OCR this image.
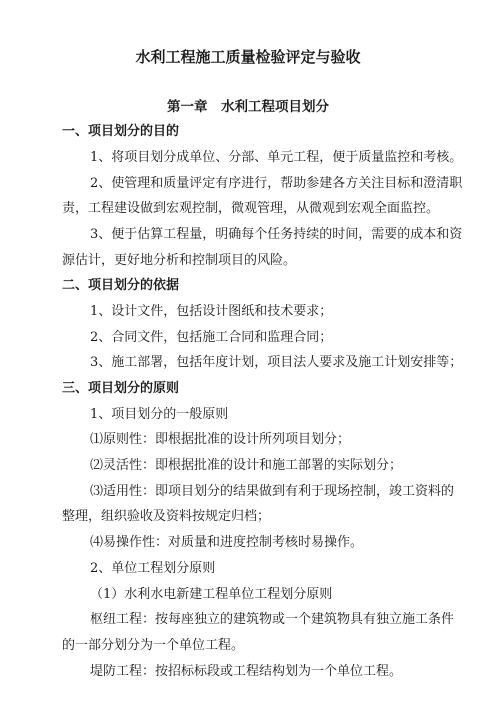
水利工程施工质量检验评定与验收
第一章　水利工程项目划分
一、项目划分的目的
1、将项目划分成单位、分部、单元工程，便于质量监控和考核。
2、使管理和质量评定有序进行，帮助参建各方关注目标和澄清职
责，工程建设做到宏观控制，微观管理，从微观到宏观全面监控。
3、便于估算工程量，明确每个任务持续的时间，需要的成本和资
源估计，更好地分析和控制项目的风险。
二、项目划分的依据
1、设计文件，包括设计图纸和技术要求；
2、合同文件，包括施工合同和监理合同；
3、施工部署，包括年度计划，项目法人要求及施工计划安排等；
三、项目划分的原则
1、项目划分的一般原则
⑴原则性：即根据批准的设计所列项目划分；
⑵灵活性：即根据批准的设计和施工部署的实际划分；
⑶适用性：即项目划分的结果做到有利于现场控制，竣工资料的
整理，组织验收及资料按规定归档；
⑷易操作性：对质量和进度控制考核时易操作。
2、单位工程划分原则
（1）水利水电新建工程单位工程划分原则
枢纽工程：按每座独立的建筑物或一个建筑物具有独立施工条件
的一部分划分为一个单位工程。
堤防工程：按招标标段或工程结构划为一个单位工程。
